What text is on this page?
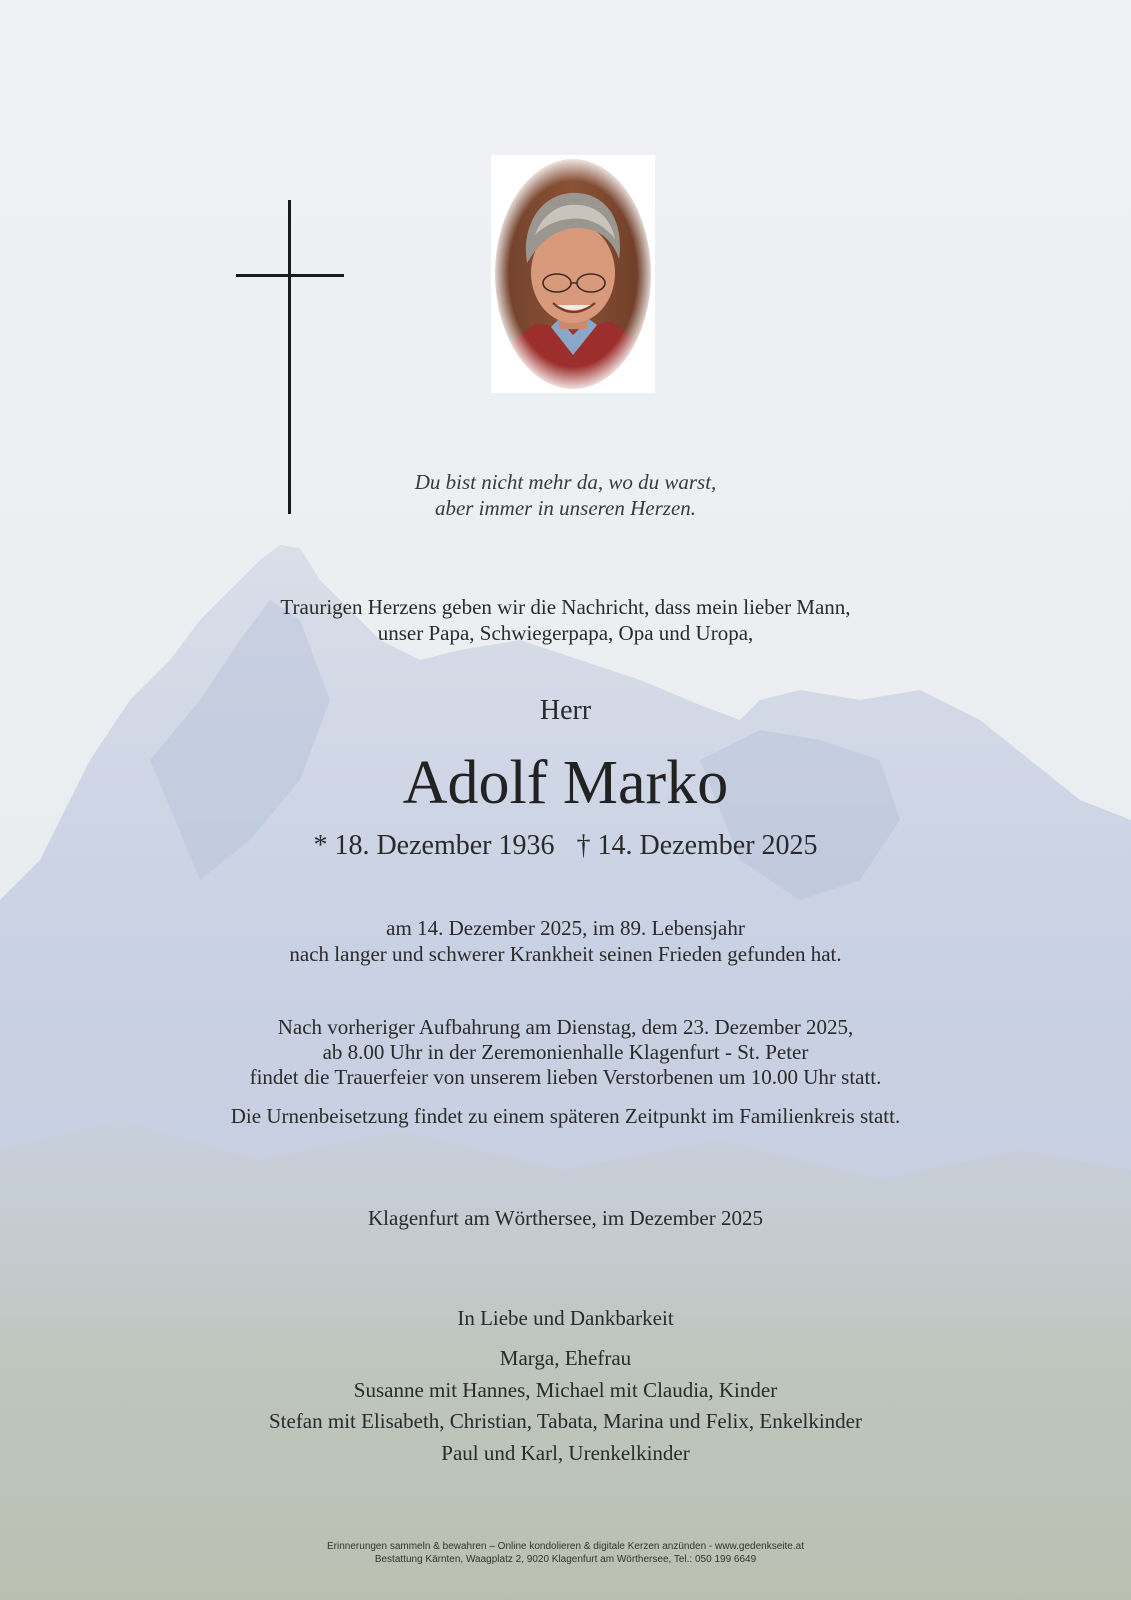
Du bist nicht mehr da, wo du warst,
aber immer in unseren Herzen.
Traurigen Herzens geben wir die Nachricht, dass mein lieber Mann,
unser Papa, Schwiegerpapa, Opa und Uropa,
Herr
Adolf Marko
* 18. Dezember 1936 † 14. Dezember 2025
am 14. Dezember 2025, im 89. Lebensjahr
nach langer und schwerer Krankheit seinen Frieden gefunden hat.
Nach vorheriger Aufbahrung am Dienstag, dem 23. Dezember 2025,
ab 8.00 Uhr in der Zeremonienhalle Klagenfurt - St. Peter
findet die Trauerfeier von unserem lieben Verstorbenen um 10.00 Uhr statt.
Die Urnenbeisetzung findet zu einem späteren Zeitpunkt im Familienkreis statt.
Klagenfurt am Wörthersee, im Dezember 2025
In Liebe und Dankbarkeit
Marga, Ehefrau
Susanne mit Hannes, Michael mit Claudia, Kinder
Stefan mit Elisabeth, Christian, Tabata, Marina und Felix, Enkelkinder
Paul und Karl, Urenkelkinder
Erinnerungen sammeln & bewahren – Online kondolieren & digitale Kerzen anzünden - www.gedenkseite.at
Bestattung Kärnten, Waagplatz 2, 9020 Klagenfurt am Wörthersee, Tel.: 050 199 6649
